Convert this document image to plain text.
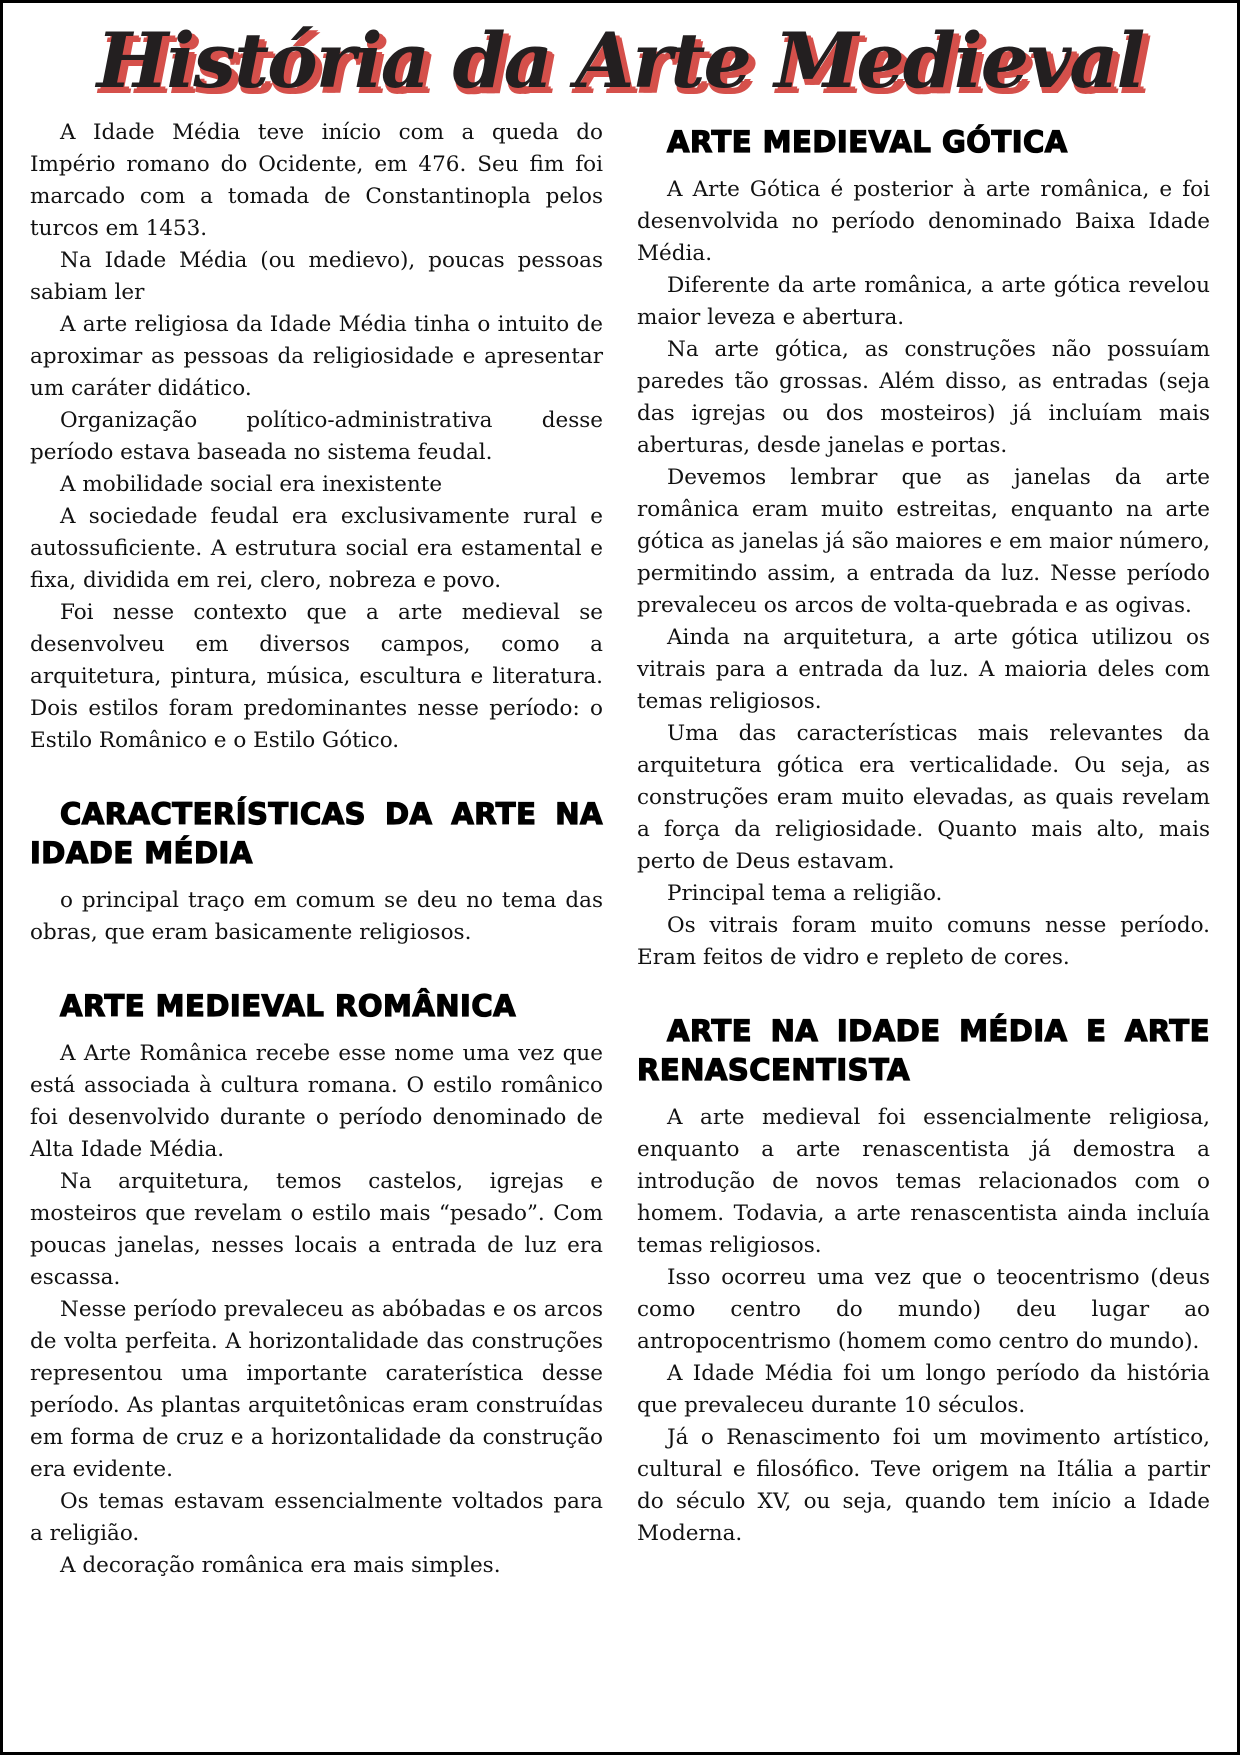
História da Arte Medieval

A Idade Média teve início com a queda do Império romano do Ocidente, em 476. Seu fim foi marcado com a tomada de Constantinopla pelos turcos em 1453.

Na Idade Média (ou medievo), poucas pessoas sabiam ler

A arte religiosa da Idade Média tinha o intuito de aproximar as pessoas da religiosidade e apresentar um caráter didático.

Organização político-administrativa desse período estava baseada no sistema feudal.

A mobilidade social era inexistente

A sociedade feudal era exclusivamente rural e autossuficiente. A estrutura social era estamental e fixa, dividida em rei, clero, nobreza e povo.

Foi nesse contexto que a arte medieval se desenvolveu em diversos campos, como a arquitetura, pintura, música, escultura e literatura. Dois estilos foram predominantes nesse período: o Estilo Românico e o Estilo Gótico.

CARACTERÍSTICAS DA ARTE NA IDADE MÉDIA

o principal traço em comum se deu no tema das obras, que eram basicamente religiosos.

ARTE MEDIEVAL ROMÂNICA

A Arte Românica recebe esse nome uma vez que está associada à cultura romana. O estilo românico foi desenvolvido durante o período denominado de Alta Idade Média.

Na arquitetura, temos castelos, igrejas e mosteiros que revelam o estilo mais “pesado”. Com poucas janelas, nesses locais a entrada de luz era escassa.

Nesse período prevaleceu as abóbadas e os arcos de volta perfeita. A horizontalidade das construções representou uma importante caraterística desse período. As plantas arquitetônicas eram construídas em forma de cruz e a horizontalidade da construção era evidente.

Os temas estavam essencialmente voltados para a religião.

A decoração românica era mais simples.

ARTE MEDIEVAL GÓTICA

A Arte Gótica é posterior à arte românica, e foi desenvolvida no período denominado Baixa Idade Média.

Diferente da arte românica, a arte gótica revelou maior leveza e abertura.

Na arte gótica, as construções não possuíam paredes tão grossas. Além disso, as entradas (seja das igrejas ou dos mosteiros) já incluíam mais aberturas, desde janelas e portas.

Devemos lembrar que as janelas da arte românica eram muito estreitas, enquanto na arte gótica as janelas já são maiores e em maior número, permitindo assim, a entrada da luz. Nesse período prevaleceu os arcos de volta-quebrada e as ogivas.

Ainda na arquitetura, a arte gótica utilizou os vitrais para a entrada da luz. A maioria deles com temas religiosos.

Uma das características mais relevantes da arquitetura gótica era verticalidade. Ou seja, as construções eram muito elevadas, as quais revelam a força da religiosidade. Quanto mais alto, mais perto de Deus estavam.

Principal tema a religião.

Os vitrais foram muito comuns nesse período. Eram feitos de vidro e repleto de cores.

ARTE NA IDADE MÉDIA E ARTE RENASCENTISTA

A arte medieval foi essencialmente religiosa, enquanto a arte renascentista já demostra a introdução de novos temas relacionados com o homem. Todavia, a arte renascentista ainda incluía temas religiosos.

Isso ocorreu uma vez que o teocentrismo (deus como centro do mundo) deu lugar ao antropocentrismo (homem como centro do mundo).

A Idade Média foi um longo período da história que prevaleceu durante 10 séculos.

Já o Renascimento foi um movimento artístico, cultural e filosófico. Teve origem na Itália a partir do século XV, ou seja, quando tem início a Idade Moderna.
